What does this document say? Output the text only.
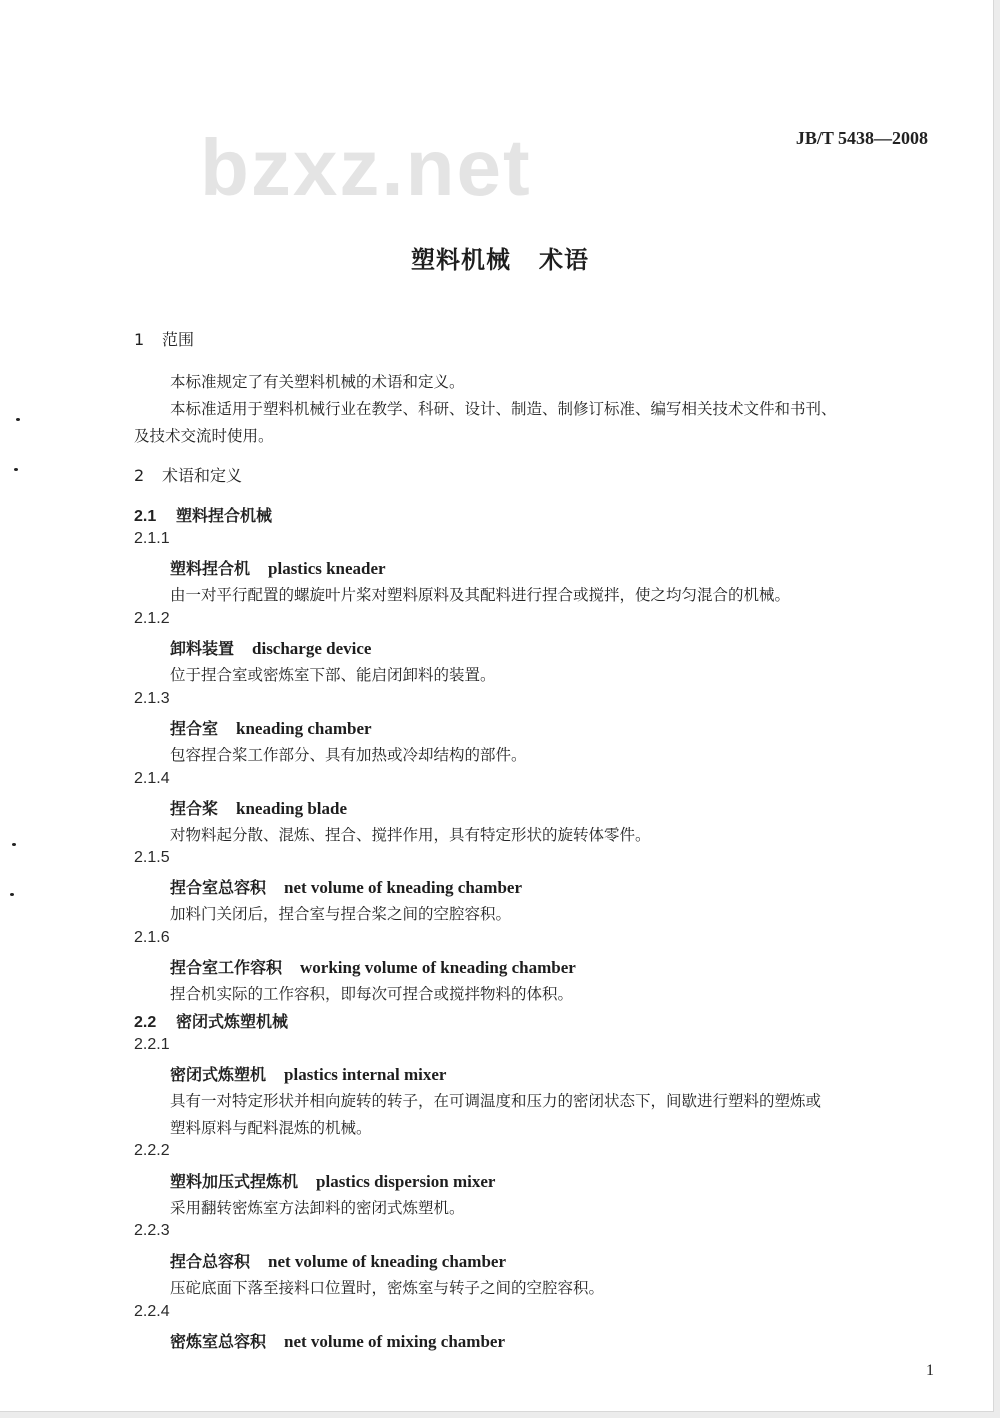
bzxz.net	JB/T 5438—2008
塑料机械 术语
1 范围
本标准规定了有关塑料机械的术语和定义。
本标准适用于塑料机械行业在教学、科研、设计、制造、制修订标准、编写相关技术文件和书刊、
及技术交流时使用。
2 术语和定义
2.1 塑料捏合机械
2.1.1
塑料捏合机 plastics kneader
由一对平行配置的螺旋叶片桨对塑料原料及其配料进行捏合或搅拌，使之均匀混合的机械。
2.1.2
卸料装置 discharge device
位于捏合室或密炼室下部、能启闭卸料的装置。
2.1.3
捏合室 kneading chamber
包容捏合桨工作部分、具有加热或冷却结构的部件。
2.1.4
捏合桨 kneading blade
对物料起分散、混炼、捏合、搅拌作用，具有特定形状的旋转体零件。
2.1.5
捏合室总容积 net volume of kneading chamber
加料门关闭后，捏合室与捏合桨之间的空腔容积。
2.1.6
捏合室工作容积 working volume of kneading chamber
捏合机实际的工作容积，即每次可捏合或搅拌物料的体积。
2.2 密闭式炼塑机械
2.2.1
密闭式炼塑机 plastics internal mixer
具有一对特定形状并相向旋转的转子，在可调温度和压力的密闭状态下，间歇进行塑料的塑炼或
塑料原料与配料混炼的机械。
2.2.2
塑料加压式捏炼机 plastics dispersion mixer
采用翻转密炼室方法卸料的密闭式炼塑机。
2.2.3
捏合总容积 net volume of kneading chamber
压砣底面下落至接料口位置时，密炼室与转子之间的空腔容积。
2.2.4
密炼室总容积 net volume of mixing chamber
1
